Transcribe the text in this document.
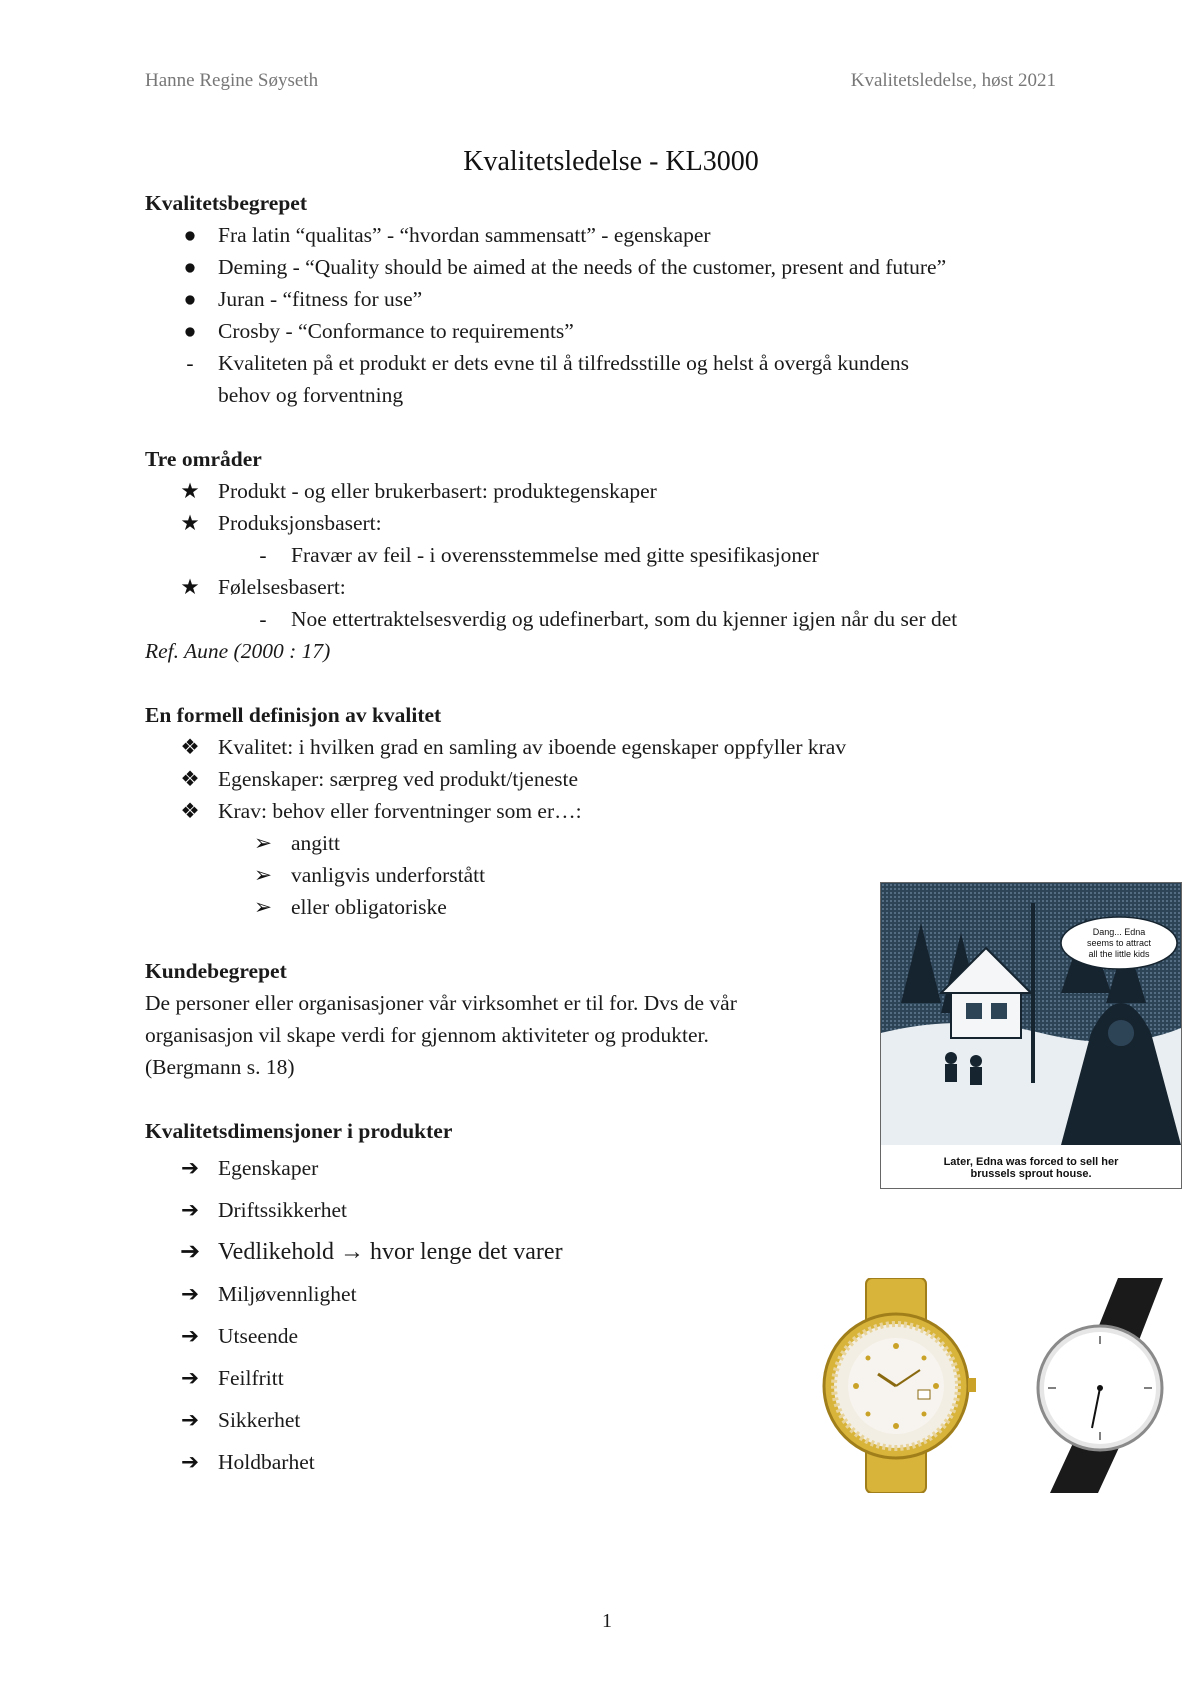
Hanne Regine Søyseth	Kvalitetsledelse, høst 2021
Kvalitetsledelse - KL3000
Kvalitetsbegrepet
●	Fra latin “qualitas” - “hvordan sammensatt” - egenskaper
●	Deming - “Quality should be aimed at the needs of the customer, present and future”
●	Juran - “fitness for use”
●	Crosby - “Conformance to requirements”
-	Kvaliteten på et produkt er dets evne til å tilfredsstille og helst å overgå kundens
behov og forventning
Tre områder
★ Produkt - og eller brukerbasert: produktegenskaper
★ Produksjonsbasert:
-	Fravær av feil - i overensstemmelse med gitte spesifikasjoner
★ Følelsesbasert:
-	Noe ettertraktelsesverdig og udefinerbart, som du kjenner igjen når du ser det
Ref. Aune (2000 : 17)
En formell definisjon av kvalitet
❖ Kvalitet: i hvilken grad en samling av iboende egenskaper oppfyller krav
❖ Egenskaper: særpreg ved produkt/tjeneste
❖ Krav: behov eller forventninger som er…:
➢ angitt
➢ vanligvis underforstått
➢ eller obligatoriske
Kundebegrepet
De personer eller organisasjoner vår virksomhet er til for. Dvs de vår
organisasjon vil skape verdi for gjennom aktiviteter og produkter.
(Bergmann s. 18)
Kvalitetsdimensjoner i produkter
➔ Egenskaper
➔ Driftssikkerhet
➔ Vedlikehold → hvor lenge det varer
➔ Miljøvennlighet
➔ Utseende
➔ Feilfritt
➔ Sikkerhet
➔ Holdbarhet
Dang... Edna
seems to attract
all the little kids
Later, Edna was forced to sell her
brussels sprout house.
1
